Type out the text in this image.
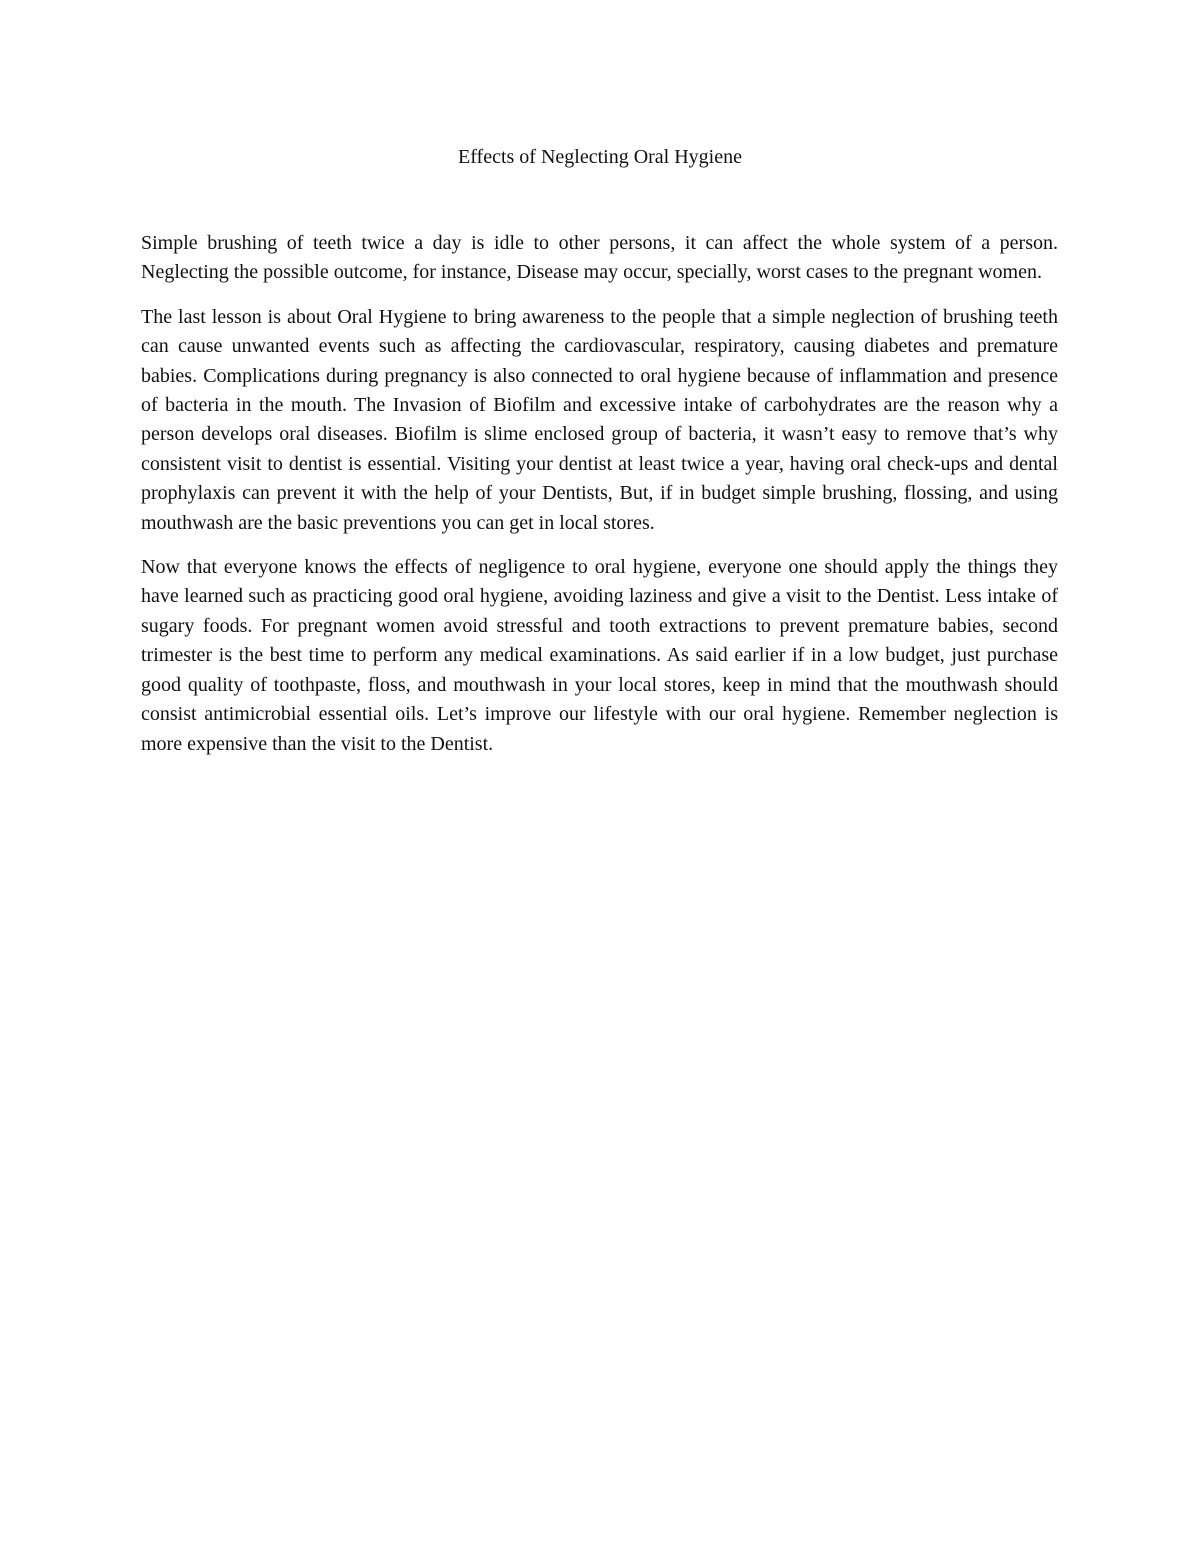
Effects of Neglecting Oral Hygiene

Simple brushing of teeth twice a day is idle to other persons, it can affect the whole system of a person. Neglecting the possible outcome, for instance, Disease may occur, specially, worst cases to the pregnant women.

The last lesson is about Oral Hygiene to bring awareness to the people that a simple neglection of brushing teeth can cause unwanted events such as affecting the cardiovascular, respiratory, causing diabetes and premature babies. Complications during pregnancy is also connected to oral hygiene because of inflammation and presence of bacteria in the mouth. The Invasion of Biofilm and excessive intake of carbohydrates are the reason why a person develops oral diseases. Biofilm is slime enclosed group of bacteria, it wasn’t easy to remove that’s why consistent visit to dentist is essential. Visiting your dentist at least twice a year, having oral check-ups and dental prophylaxis can prevent it with the help of your Dentists, But, if in budget simple brushing, flossing, and using mouthwash are the basic preventions you can get in local stores.

Now that everyone knows the effects of negligence to oral hygiene, everyone one should apply the things they have learned such as practicing good oral hygiene, avoiding laziness and give a visit to the Dentist. Less intake of sugary foods. For pregnant women avoid stressful and tooth extractions to prevent premature babies, second trimester is the best time to perform any medical examinations. As said earlier if in a low budget, just purchase good quality of toothpaste, floss, and mouthwash in your local stores, keep in mind that the mouthwash should consist antimicrobial essential oils. Let’s improve our lifestyle with our oral hygiene. Remember neglection is more expensive than the visit to the Dentist.
